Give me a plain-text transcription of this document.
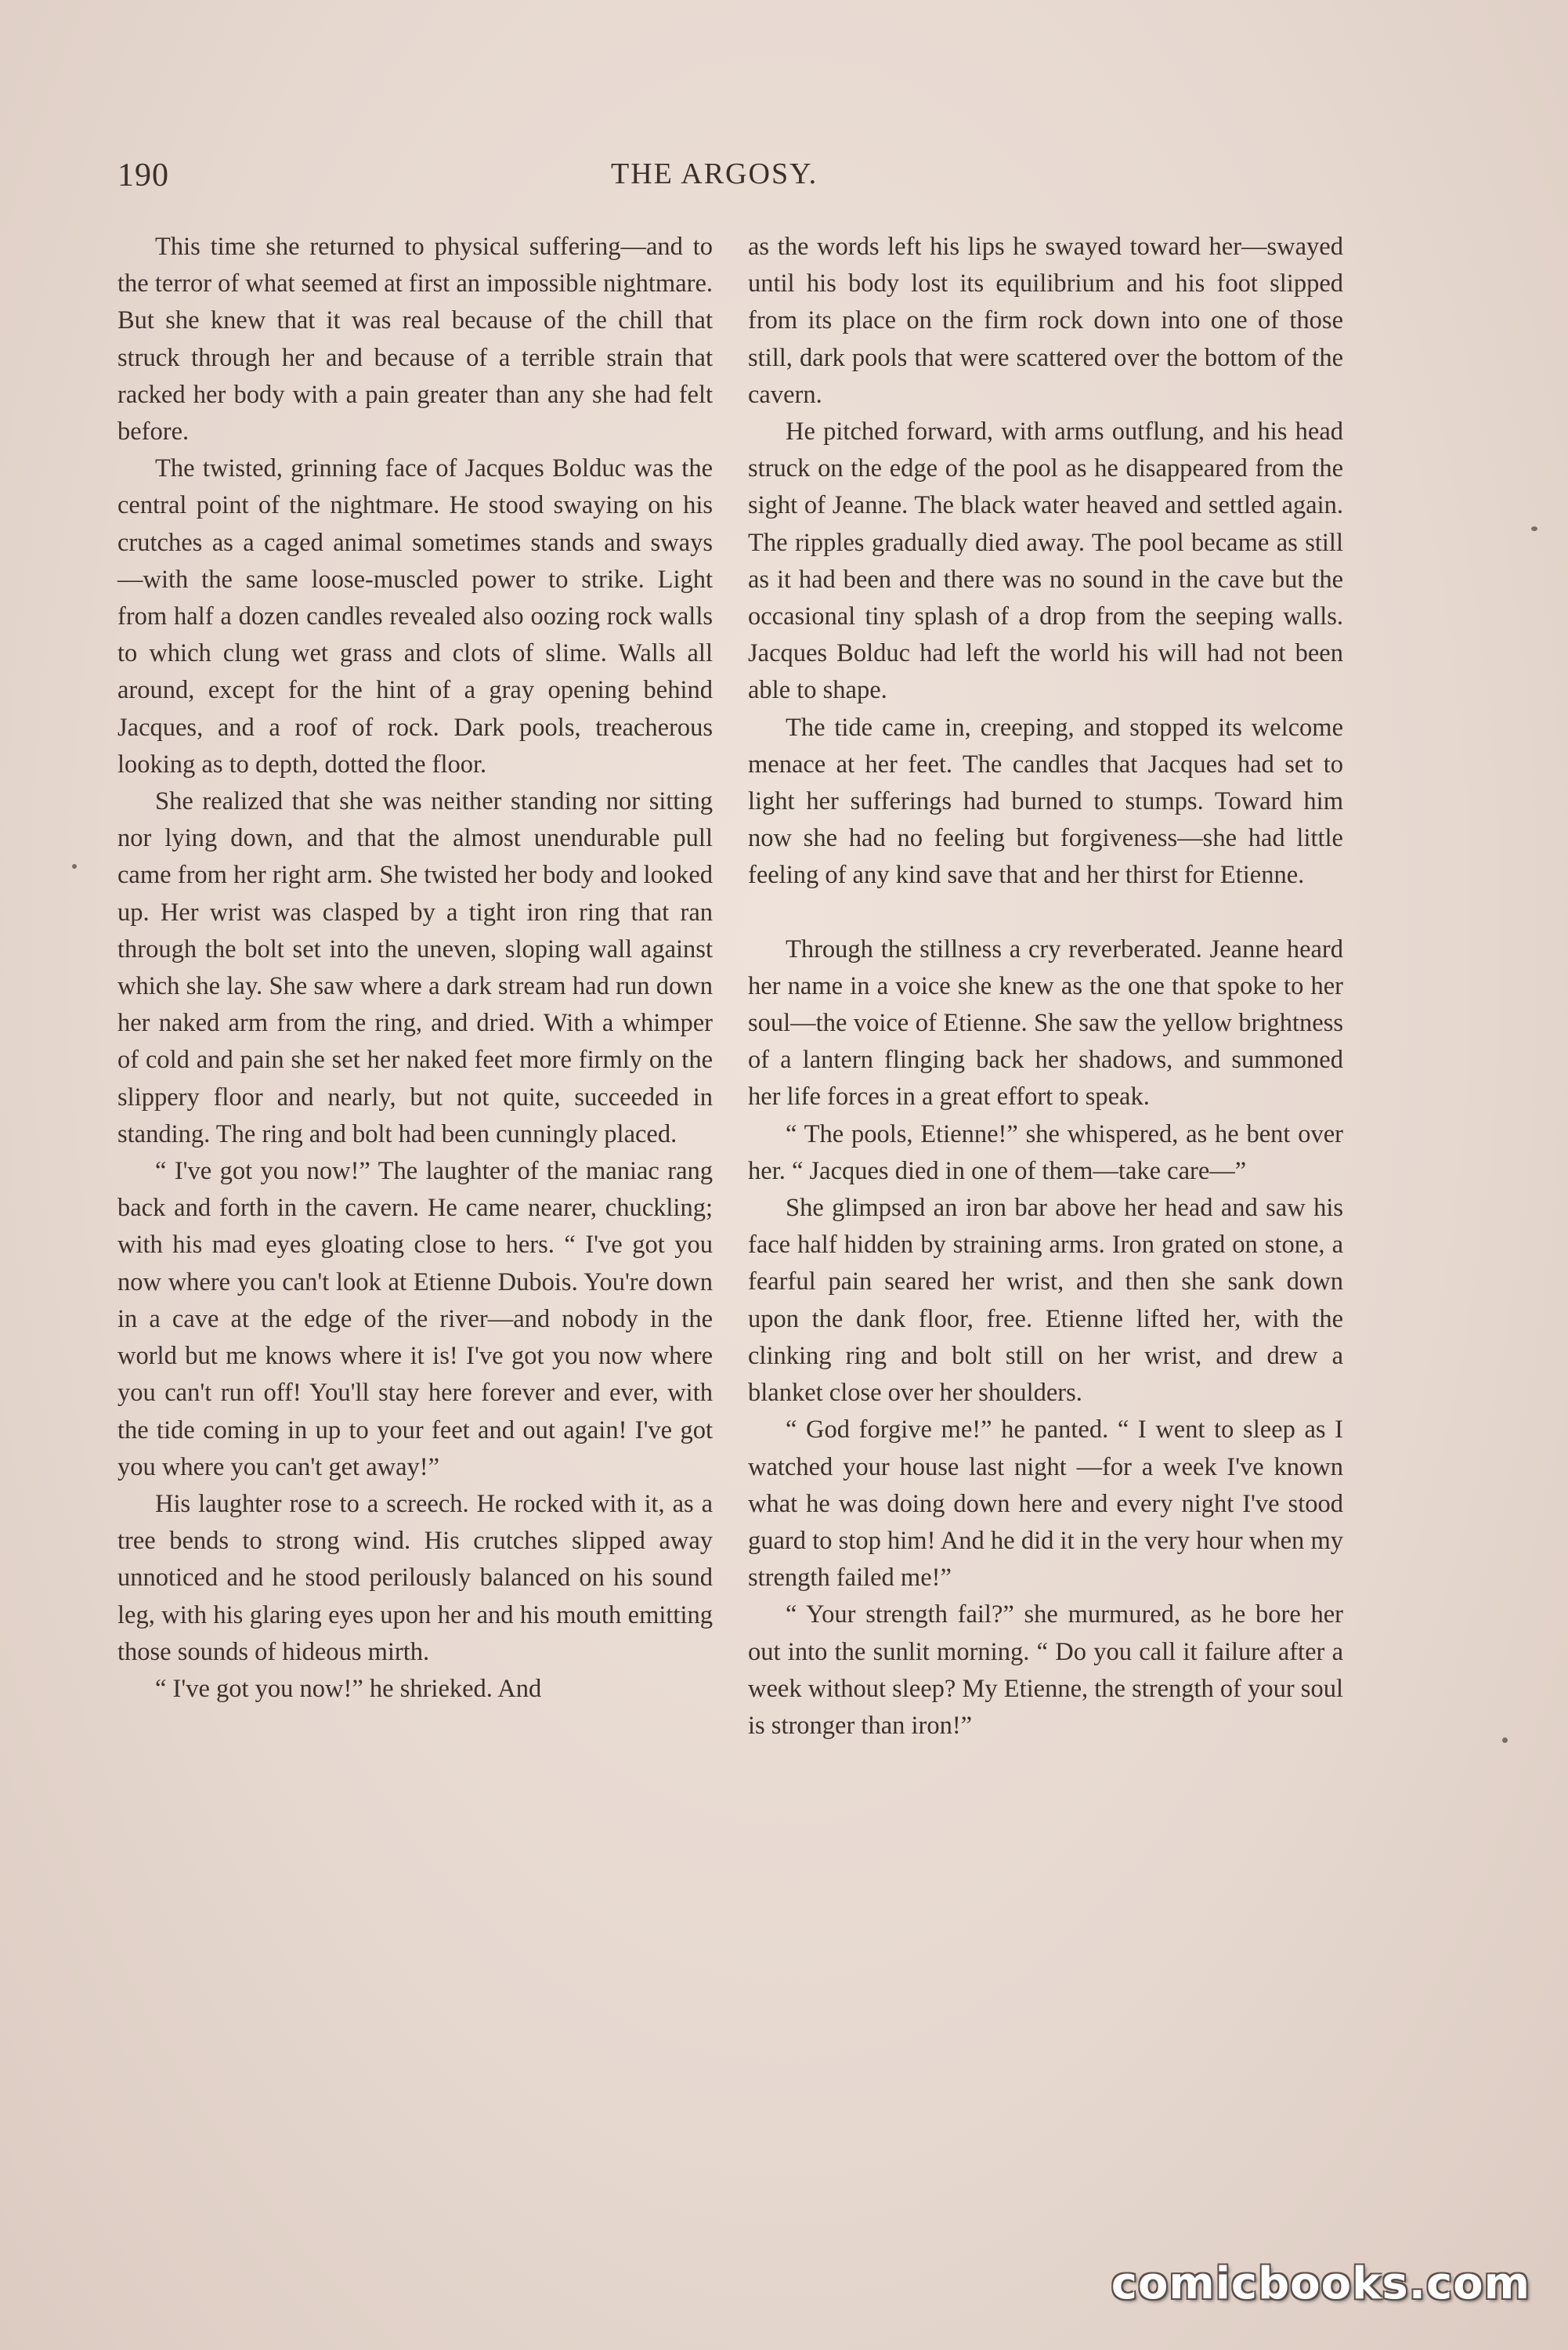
190	THE ARGOSY.

This time she returned to physical suffering—and to the terror of what seemed at first an impossible nightmare. But she knew that it was real because of the chill that struck through her and because of a terrible strain that racked her body with a pain greater than any she had felt before.

The twisted, grinning face of Jacques Bolduc was the central point of the nightmare. He stood swaying on his crutches as a caged animal sometimes stands and sways —with the same loose-muscled power to strike. Light from half a dozen candles revealed also oozing rock walls to which clung wet grass and clots of slime. Walls all around, except for the hint of a gray opening behind Jacques, and a roof of rock. Dark pools, treacherous looking as to depth, dotted the floor.

She realized that she was neither standing nor sitting nor lying down, and that the almost unendurable pull came from her right arm. She twisted her body and looked up. Her wrist was clasped by a tight iron ring that ran through the bolt set into the uneven, sloping wall against which she lay. She saw where a dark stream had run down her naked arm from the ring, and dried. With a whimper of cold and pain she set her naked feet more firmly on the slippery floor and nearly, but not quite, succeeded in standing. The ring and bolt had been cunningly placed.

“ I've got you now!” The laughter of the maniac rang back and forth in the cavern. He came nearer, chuckling; with his mad eyes gloating close to hers. “ I've got you now where you can't look at Etienne Dubois. You're down in a cave at the edge of the river—and nobody in the world but me knows where it is! I've got you now where you can't run off! You'll stay here forever and ever, with the tide coming in up to your feet and out again! I've got you where you can't get away!”

His laughter rose to a screech. He rocked with it, as a tree bends to strong wind. His crutches slipped away unnoticed and he stood perilously balanced on his sound leg, with his glaring eyes upon her and his mouth emitting those sounds of hideous mirth.

“ I've got you now!” he shrieked. And

as the words left his lips he swayed toward her—swayed until his body lost its equilibrium and his foot slipped from its place on the firm rock down into one of those still, dark pools that were scattered over the bottom of the cavern.

He pitched forward, with arms outflung, and his head struck on the edge of the pool as he disappeared from the sight of Jeanne. The black water heaved and settled again. The ripples gradually died away. The pool became as still as it had been and there was no sound in the cave but the occasional tiny splash of a drop from the seeping walls. Jacques Bolduc had left the world his will had not been able to shape.

The tide came in, creeping, and stopped its welcome menace at her feet. The candles that Jacques had set to light her sufferings had burned to stumps. Toward him now she had no feeling but forgiveness—she had little feeling of any kind save that and her thirst for Etienne.

Through the stillness a cry reverberated. Jeanne heard her name in a voice she knew as the one that spoke to her soul—the voice of Etienne. She saw the yellow brightness of a lantern flinging back her shadows, and summoned her life forces in a great effort to speak.

“ The pools, Etienne!” she whispered, as he bent over her. “ Jacques died in one of them—take care—”

She glimpsed an iron bar above her head and saw his face half hidden by straining arms. Iron grated on stone, a fearful pain seared her wrist, and then she sank down upon the dank floor, free. Etienne lifted her, with the clinking ring and bolt still on her wrist, and drew a blanket close over her shoulders.

“ God forgive me!” he panted. “ I went to sleep as I watched your house last night —for a week I've known what he was doing down here and every night I've stood guard to stop him! And he did it in the very hour when my strength failed me!”

“ Your strength fail?” she murmured, as he bore her out into the sunlit morning. “ Do you call it failure after a week without sleep? My Etienne, the strength of your soul is stronger than iron!”

comicbooks.com
